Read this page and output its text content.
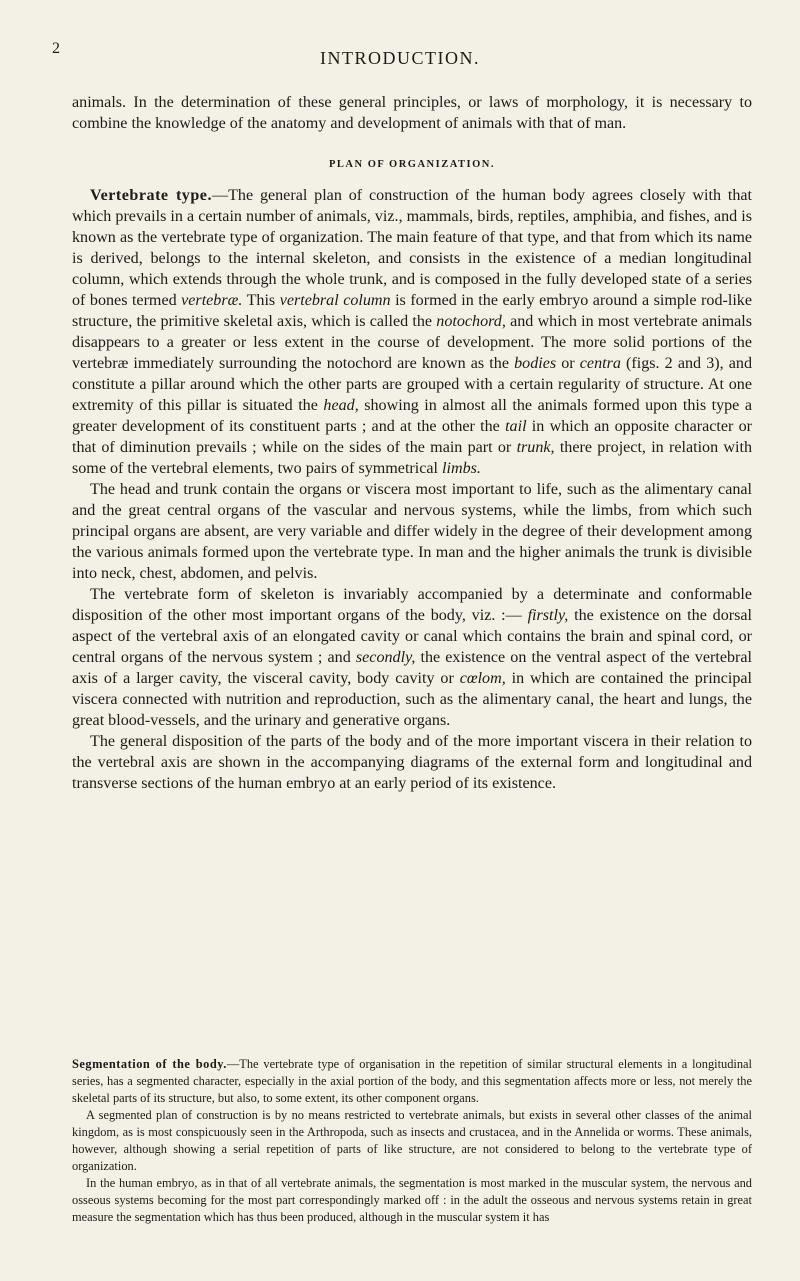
2	INTRODUCTION.

animals. In the determination of these general principles, or laws of morphology, it is necessary to combine the knowledge of the anatomy and development of animals with that of man.

PLAN OF ORGANIZATION.

Vertebrate type.—The general plan of construction of the human body agrees closely with that which prevails in a certain number of animals, viz., mammals, birds, reptiles, amphibia, and fishes, and is known as the vertebrate type of organization. The main feature of that type, and that from which its name is derived, belongs to the internal skeleton, and consists in the existence of a median longitudinal column, which extends through the whole trunk, and is composed in the fully developed state of a series of bones termed vertebræ. This vertebral column is formed in the early embryo around a simple rod-like structure, the primitive skeletal axis, which is called the notochord, and which in most vertebrate animals disappears to a greater or less extent in the course of development. The more solid portions of the vertebræ immediately surrounding the notochord are known as the bodies or centra (figs. 2 and 3), and constitute a pillar around which the other parts are grouped with a certain regularity of structure. At one extremity of this pillar is situated the head, showing in almost all the animals formed upon this type a greater development of its constituent parts ; and at the other the tail in which an opposite character or that of diminution prevails ; while on the sides of the main part or trunk, there project, in relation with some of the vertebral elements, two pairs of symmetrical limbs.

The head and trunk contain the organs or viscera most important to life, such as the alimentary canal and the great central organs of the vascular and nervous systems, while the limbs, from which such principal organs are absent, are very variable and differ widely in the degree of their development among the various animals formed upon the vertebrate type. In man and the higher animals the trunk is divisible into neck, chest, abdomen, and pelvis.

The vertebrate form of skeleton is invariably accompanied by a determinate and conformable disposition of the other most important organs of the body, viz. :— firstly, the existence on the dorsal aspect of the vertebral axis of an elongated cavity or canal which contains the brain and spinal cord, or central organs of the nervous system ; and secondly, the existence on the ventral aspect of the vertebral axis of a larger cavity, the visceral cavity, body cavity or cœlom, in which are contained the principal viscera connected with nutrition and reproduction, such as the alimentary canal, the heart and lungs, the great blood-vessels, and the urinary and generative organs.

The general disposition of the parts of the body and of the more important viscera in their relation to the vertebral axis are shown in the accompanying diagrams of the external form and longitudinal and transverse sections of the human embryo at an early period of its existence.

Segmentation of the body.—The vertebrate type of organisation in the repetition of similar structural elements in a longitudinal series, has a segmented character, especially in the axial portion of the body, and this segmentation affects more or less, not merely the skeletal parts of its structure, but also, to some extent, its other component organs.

A segmented plan of construction is by no means restricted to vertebrate animals, but exists in several other classes of the animal kingdom, as is most conspicuously seen in the Arthropoda, such as insects and crustacea, and in the Annelida or worms. These animals, however, although showing a serial repetition of parts of like structure, are not considered to belong to the vertebrate type of organization.

In the human embryo, as in that of all vertebrate animals, the segmentation is most marked in the muscular system, the nervous and osseous systems becoming for the most part correspondingly marked off : in the adult the osseous and nervous systems retain in great measure the segmentation which has thus been produced, although in the muscular system it has
